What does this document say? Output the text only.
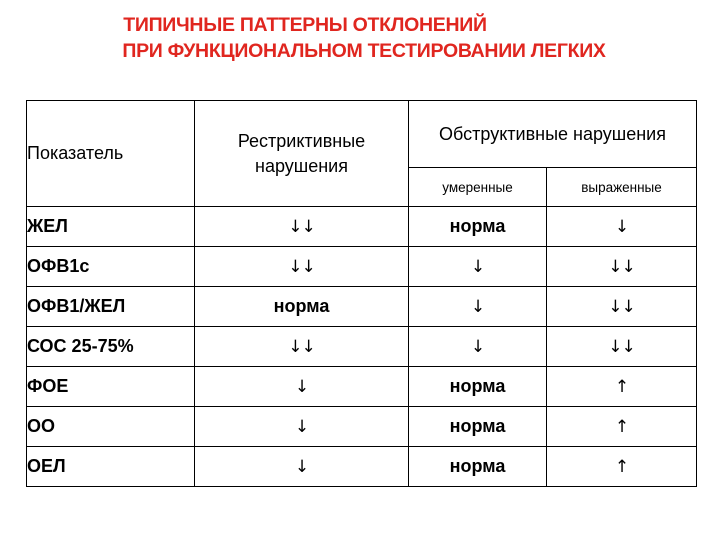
ТИПИЧНЫЕ ПАТТЕРНЫ ОТКЛОНЕНИЙ
ПРИ ФУНКЦИОНАЛЬНОМ ТЕСТИРОВАНИИ ЛЕГКИХ
Показатель	Рестриктивные нарушения	Обструктивные нарушения	
		умеренные	выраженные
ЖЕЛ	↓↓	норма	↓
ОФВ1с	↓↓	↓	↓↓
ОФВ1/ЖЕЛ	норма	↓	↓↓
СОС 25-75%	↓↓	↓	↓↓
ФОЕ	↓	норма	↑
ОО	↓	норма	↑
ОЕЛ	↓	норма	↑
